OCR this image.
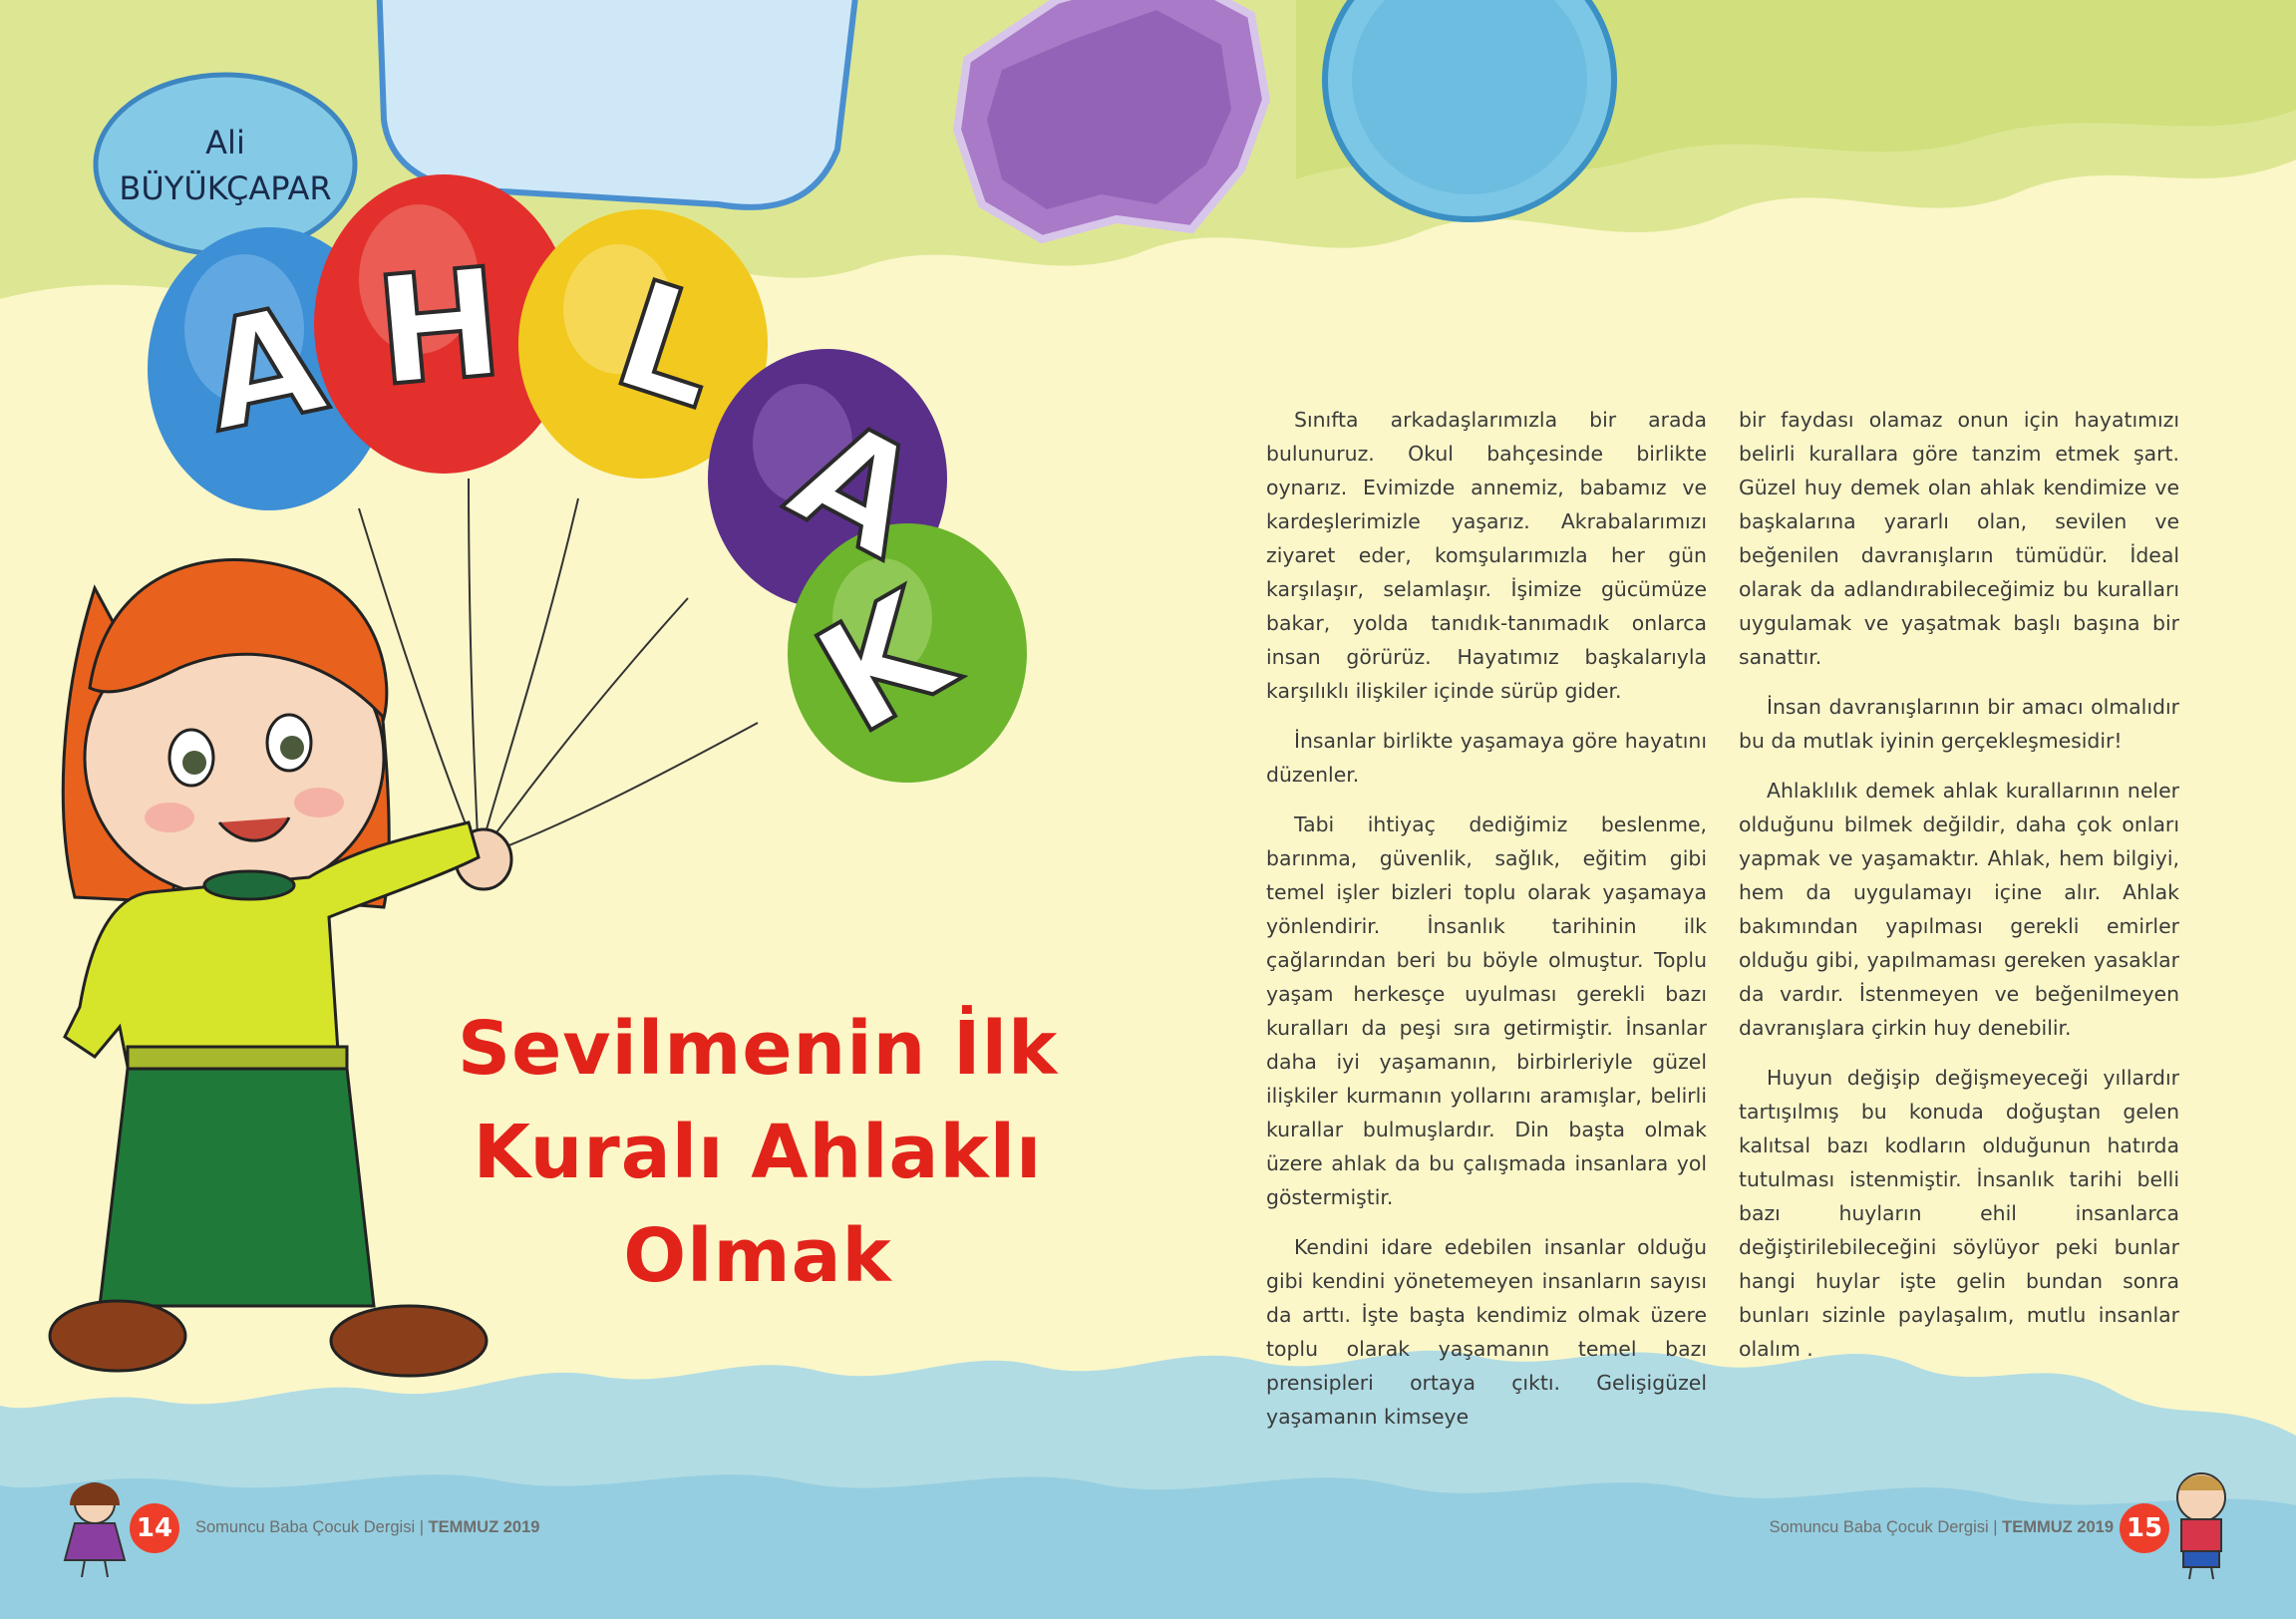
A H L
A
K
Ali
BÜYÜKÇAPAR
Sevilmenin İlk
Kuralı Ahlaklı
Olmak

Sınıfta arkadaşlarımızla bir arada bulunuruz. Okul bahçesinde birlikte oynarız. Evimizde annemiz, babamız ve kardeşlerimizle yaşarız. Akrabalarımızı ziyaret eder, komşularımızla her gün karşılaşır, selamlaşır. İşimize gücümüze bakar, yolda tanıdık-tanımadık onlarca insan görürüz. Hayatımız başkalarıyla karşılıklı ilişkiler içinde sürüp gider.

İnsanlar birlikte yaşamaya göre hayatını düzenler.

Tabi ihtiyaç dediğimiz beslenme, barınma, güvenlik, sağlık, eğitim gibi temel işler bizleri toplu olarak yaşamaya yönlendirir. İnsanlık tarihinin ilk çağlarından beri bu böyle olmuştur. Toplu yaşam herkesçe uyulması gerekli bazı kuralları da peşi sıra getirmiştir. İnsanlar daha iyi yaşamanın, birbirleriyle güzel ilişkiler kurmanın yollarını aramışlar, belirli kurallar bulmuşlardır. Din başta olmak üzere ahlak da bu çalışmada insanlara yol göstermiştir.

Kendini idare edebilen insanlar olduğu gibi kendini yönetemeyen insanların sayısı da arttı. İşte başta kendimiz olmak üzere toplu olarak yaşamanın temel bazı prensipleri ortaya çıktı. Gelişigüzel yaşamanın kimseye

bir faydası olamaz onun için hayatımızı belirli kurallara göre tanzim etmek şart. Güzel huy demek olan ahlak kendimize ve başkalarına yararlı olan, sevilen ve beğenilen davranışların tümüdür. İdeal olarak da adlandırabileceğimiz bu kuralları uygulamak ve yaşatmak başlı başına bir sanattır.

İnsan davranışlarının bir amacı olmalıdır bu da mutlak iyinin gerçekleşmesidir!

Ahlaklılık demek ahlak kurallarının neler olduğunu bilmek değildir, daha çok onları yapmak ve yaşamaktır. Ahlak, hem bilgiyi, hem da uygulamayı içine alır. Ahlak bakımından yapılması gerekli emirler olduğu gibi, yapılmaması gereken yasaklar da vardır. İstenmeyen ve beğenilmeyen davranışlara çirkin huy denebilir.

Huyun değişip değişmeyeceği yıllardır tartışılmış bu konuda doğuştan gelen kalıtsal bazı kodların olduğunun hatırda tutulması istenmiştir. İnsanlık tarihi belli bazı huyların ehil insanlarca değiştirilebileceğini söylüyor peki bunlar hangi huylar işte gelin bundan sonra bunları sizinle paylaşalım, mutlu insanlar olalım .

14	Somuncu Baba Çocuk Dergisi | TEMMUZ 2019	Somuncu Baba Çocuk Dergisi | TEMMUZ 2019 15
